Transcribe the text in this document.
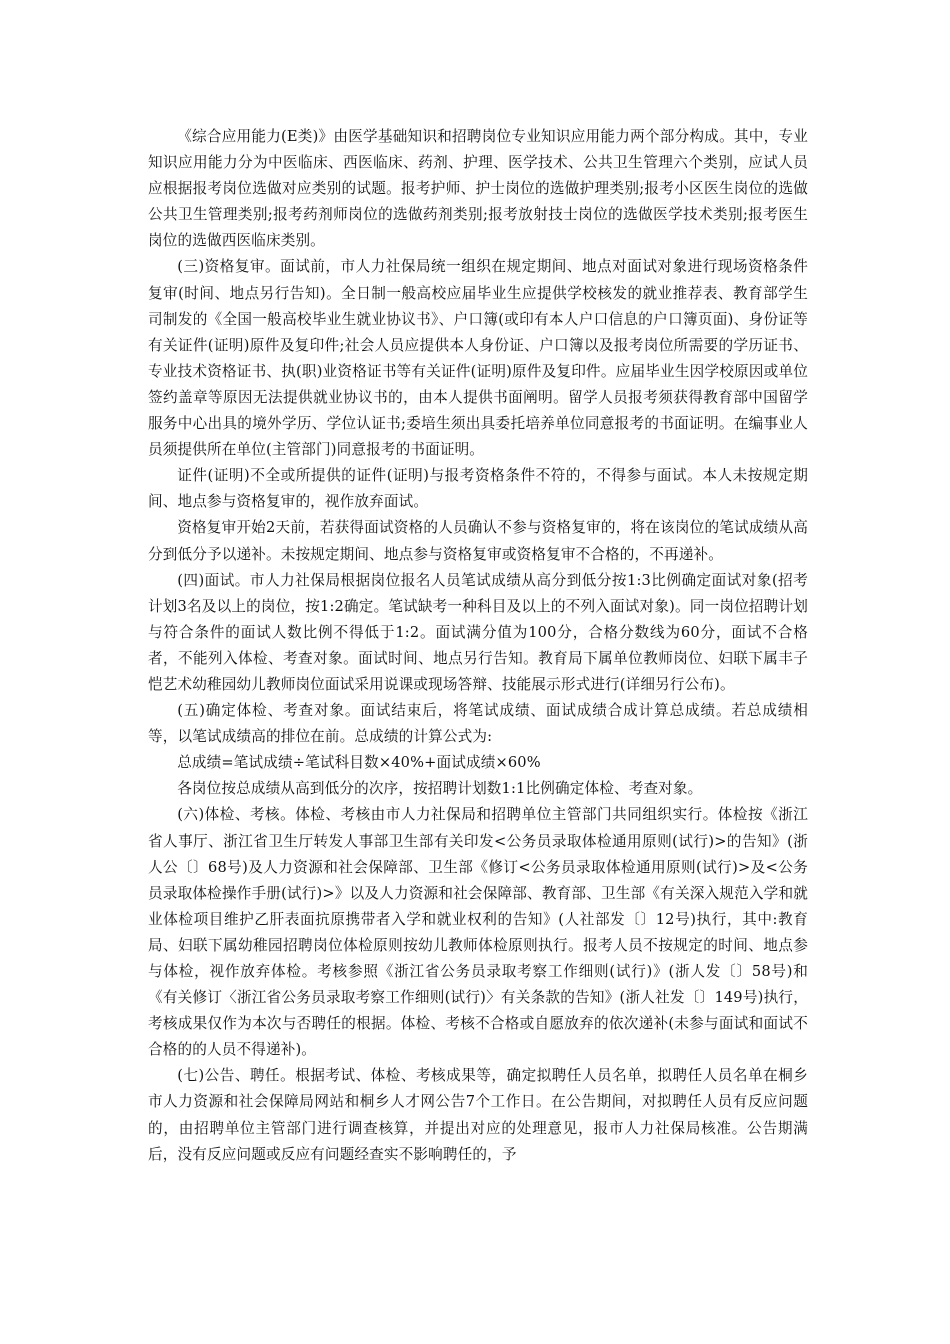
《综合应用能力(E类)》由医学基础知识和招聘岗位专业知识应用能力两个部分构成。其中，专业知识应用能力分为中医临床、西医临床、药剂、护理、医学技术、公共卫生管理六个类别，应试人员应根据报考岗位选做对应类别的试题。报考护师、护士岗位的选做护理类别;报考小区医生岗位的选做公共卫生管理类别;报考药剂师岗位的选做药剂类别;报考放射技士岗位的选做医学技术类别;报考医生岗位的选做西医临床类别。

(三)资格复审。面试前，市人力社保局统一组织在规定期间、地点对面试对象进行现场资格条件复审(时间、地点另行告知)。全日制一般高校应届毕业生应提供学校核发的就业推荐表、教育部学生司制发的《全国一般高校毕业生就业协议书》、户口簿(或印有本人户口信息的户口簿页面)、身份证等有关证件(证明)原件及复印件;社会人员应提供本人身份证、户口簿以及报考岗位所需要的学历证书、专业技术资格证书、执(职)业资格证书等有关证件(证明)原件及复印件。应届毕业生因学校原因或单位签约盖章等原因无法提供就业协议书的，由本人提供书面阐明。留学人员报考须获得教育部中国留学服务中心出具的境外学历、学位认证书;委培生须出具委托培养单位同意报考的书面证明。在编事业人员须提供所在单位(主管部门)同意报考的书面证明。

证件(证明)不全或所提供的证件(证明)与报考资格条件不符的，不得参与面试。本人未按规定期间、地点参与资格复审的，视作放弃面试。

资格复审开始2天前，若获得面试资格的人员确认不参与资格复审的，将在该岗位的笔试成绩从高分到低分予以递补。未按规定期间、地点参与资格复审或资格复审不合格的，不再递补。

(四)面试。市人力社保局根据岗位报名人员笔试成绩从高分到低分按1:3比例确定面试对象(招考计划3名及以上的岗位，按1:2确定。笔试缺考一种科目及以上的不列入面试对象)。同一岗位招聘计划与符合条件的面试人数比例不得低于1:2。面试满分值为100分，合格分数线为60分，面试不合格者，不能列入体检、考查对象。面试时间、地点另行告知。教育局下属单位教师岗位、妇联下属丰子恺艺术幼稚园幼儿教师岗位面试采用说课或现场答辩、技能展示形式进行(详细另行公布)。

(五)确定体检、考查对象。面试结束后，将笔试成绩、面试成绩合成计算总成绩。若总成绩相等，以笔试成绩高的排位在前。总成绩的计算公式为:

总成绩=笔试成绩÷笔试科目数×40%+面试成绩×60%

各岗位按总成绩从高到低分的次序，按招聘计划数1:1比例确定体检、考查对象。

(六)体检、考核。体检、考核由市人力社保局和招聘单位主管部门共同组织实行。体检按《浙江省人事厅、浙江省卫生厅转发人事部卫生部有关印发<公务员录取体检通用原则(试行)>的告知》(浙人公〔〕68号)及人力资源和社会保障部、卫生部《修订<公务员录取体检通用原则(试行)>及<公务员录取体检操作手册(试行)>》以及人力资源和社会保障部、教育部、卫生部《有关深入规范入学和就业体检项目维护乙肝表面抗原携带者入学和就业权利的告知》(人社部发〔〕12号)执行，其中:教育局、妇联下属幼稚园招聘岗位体检原则按幼儿教师体检原则执行。报考人员不按规定的时间、地点参与体检，视作放弃体检。考核参照《浙江省公务员录取考察工作细则(试行)》(浙人发〔〕58号)和《有关修订〈浙江省公务员录取考察工作细则(试行)〉有关条款的告知》(浙人社发〔〕149号)执行，考核成果仅作为本次与否聘任的根据。体检、考核不合格或自愿放弃的依次递补(未参与面试和面试不合格的的人员不得递补)。

(七)公告、聘任。根据考试、体检、考核成果等，确定拟聘任人员名单，拟聘任人员名单在桐乡市人力资源和社会保障局网站和桐乡人才网公告7个工作日。在公告期间，对拟聘任人员有反应问题的，由招聘单位主管部门进行调查核算，并提出对应的处理意见，报市人力社保局核准。公告期满后，没有反应问题或反应有问题经查实不影响聘任的，予
